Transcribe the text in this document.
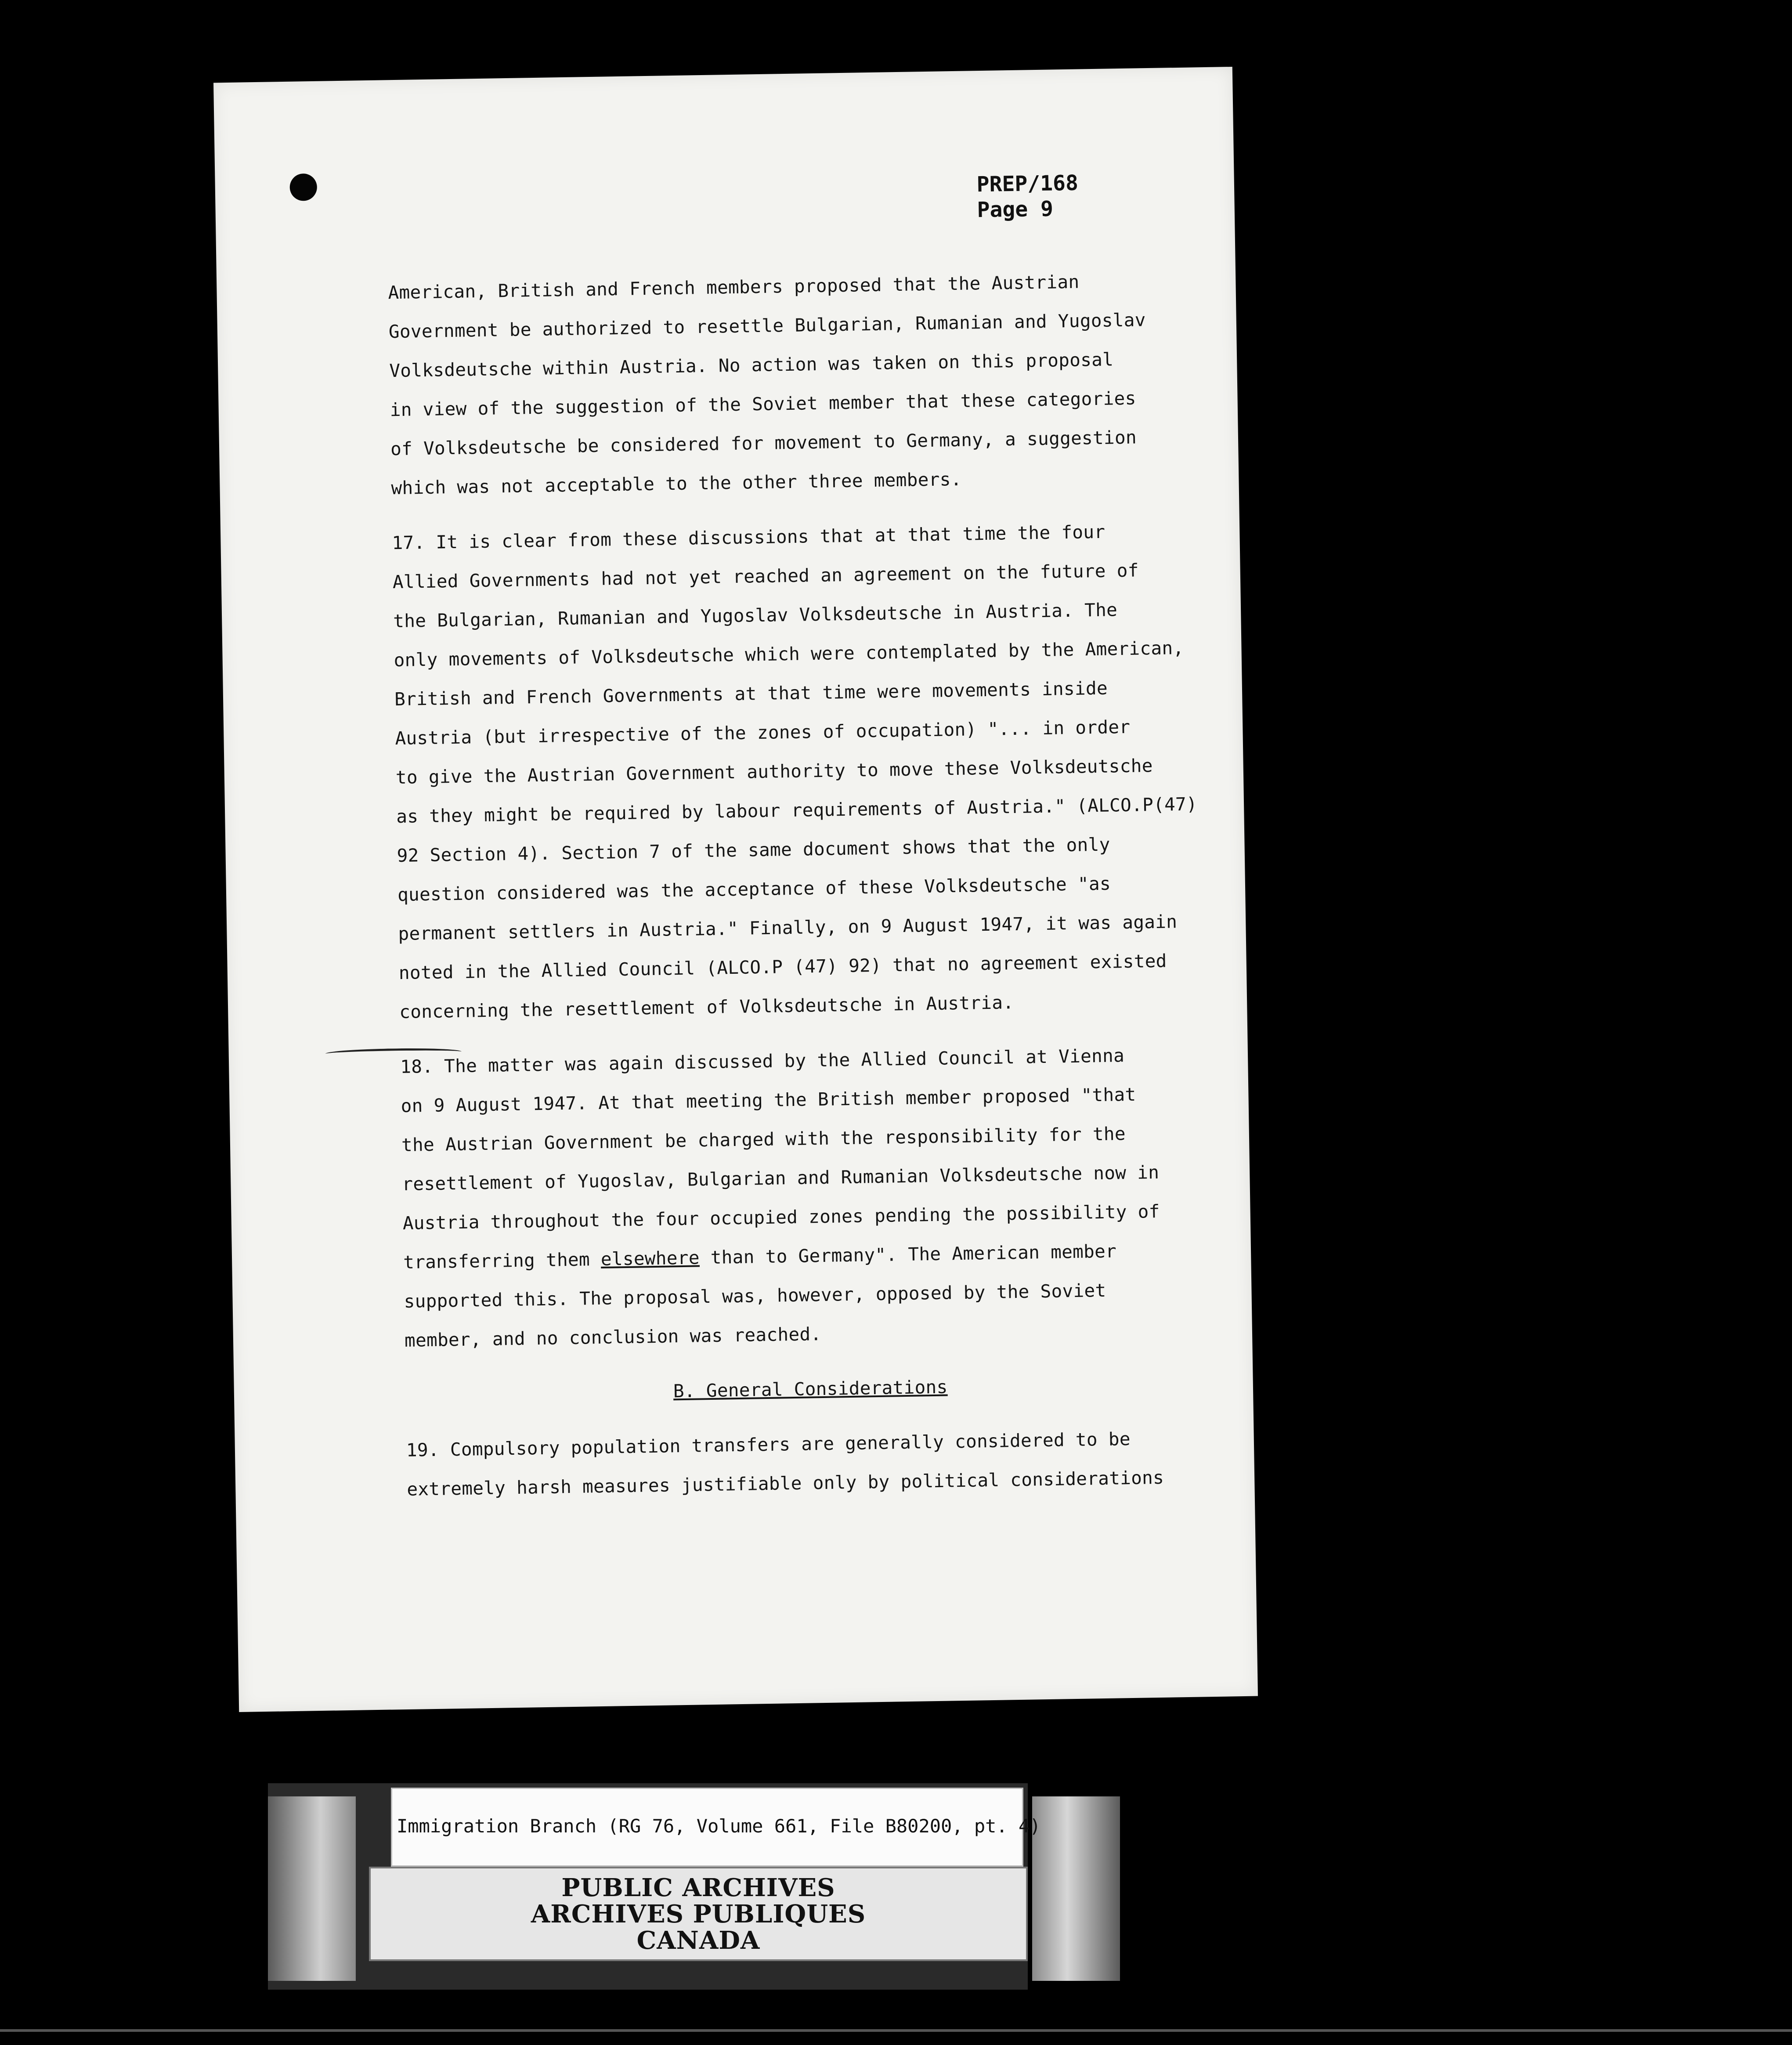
PREP/168
Page 9
American, British and French members proposed that the Austrian
Government be authorized to resettle Bulgarian, Rumanian and Yugoslav
Volksdeutsche within Austria. No action was taken on this proposal
in view of the suggestion of the Soviet member that these categories
of Volksdeutsche be considered for movement to Germany, a suggestion
which was not acceptable to the other three members.
17. It is clear from these discussions that at that time the four
Allied Governments had not yet reached an agreement on the future of
the Bulgarian, Rumanian and Yugoslav Volksdeutsche in Austria. The
only movements of Volksdeutsche which were contemplated by the American,
British and French Governments at that time were movements inside
Austria (but irrespective of the zones of occupation) "... in order
to give the Austrian Government authority to move these Volksdeutsche
as they might be required by labour requirements of Austria." (ALCO.P(47)
92 Section 4). Section 7 of the same document shows that the only
question considered was the acceptance of these Volksdeutsche "as
permanent settlers in Austria." Finally, on 9 August 1947, it was again
noted in the Allied Council (ALCO.P (47) 92) that no agreement existed
concerning the resettlement of Volksdeutsche in Austria.
18. The matter was again discussed by the Allied Council at Vienna
on 9 August 1947. At that meeting the British member proposed "that
the Austrian Government be charged with the responsibility for the
resettlement of Yugoslav, Bulgarian and Rumanian Volksdeutsche now in
Austria throughout the four occupied zones pending the possibility of
transferring them elsewhere than to Germany". The American member
supported this. The proposal was, however, opposed by the Soviet
member, and no conclusion was reached.
B. General Considerations
19. Compulsory population transfers are generally considered to be
extremely harsh measures justifiable only by political considerations
Immigration Branch (RG 76, Volume 661, File B80200, pt. 4)
PUBLIC ARCHIVES
ARCHIVES PUBLIQUES
CANADA
